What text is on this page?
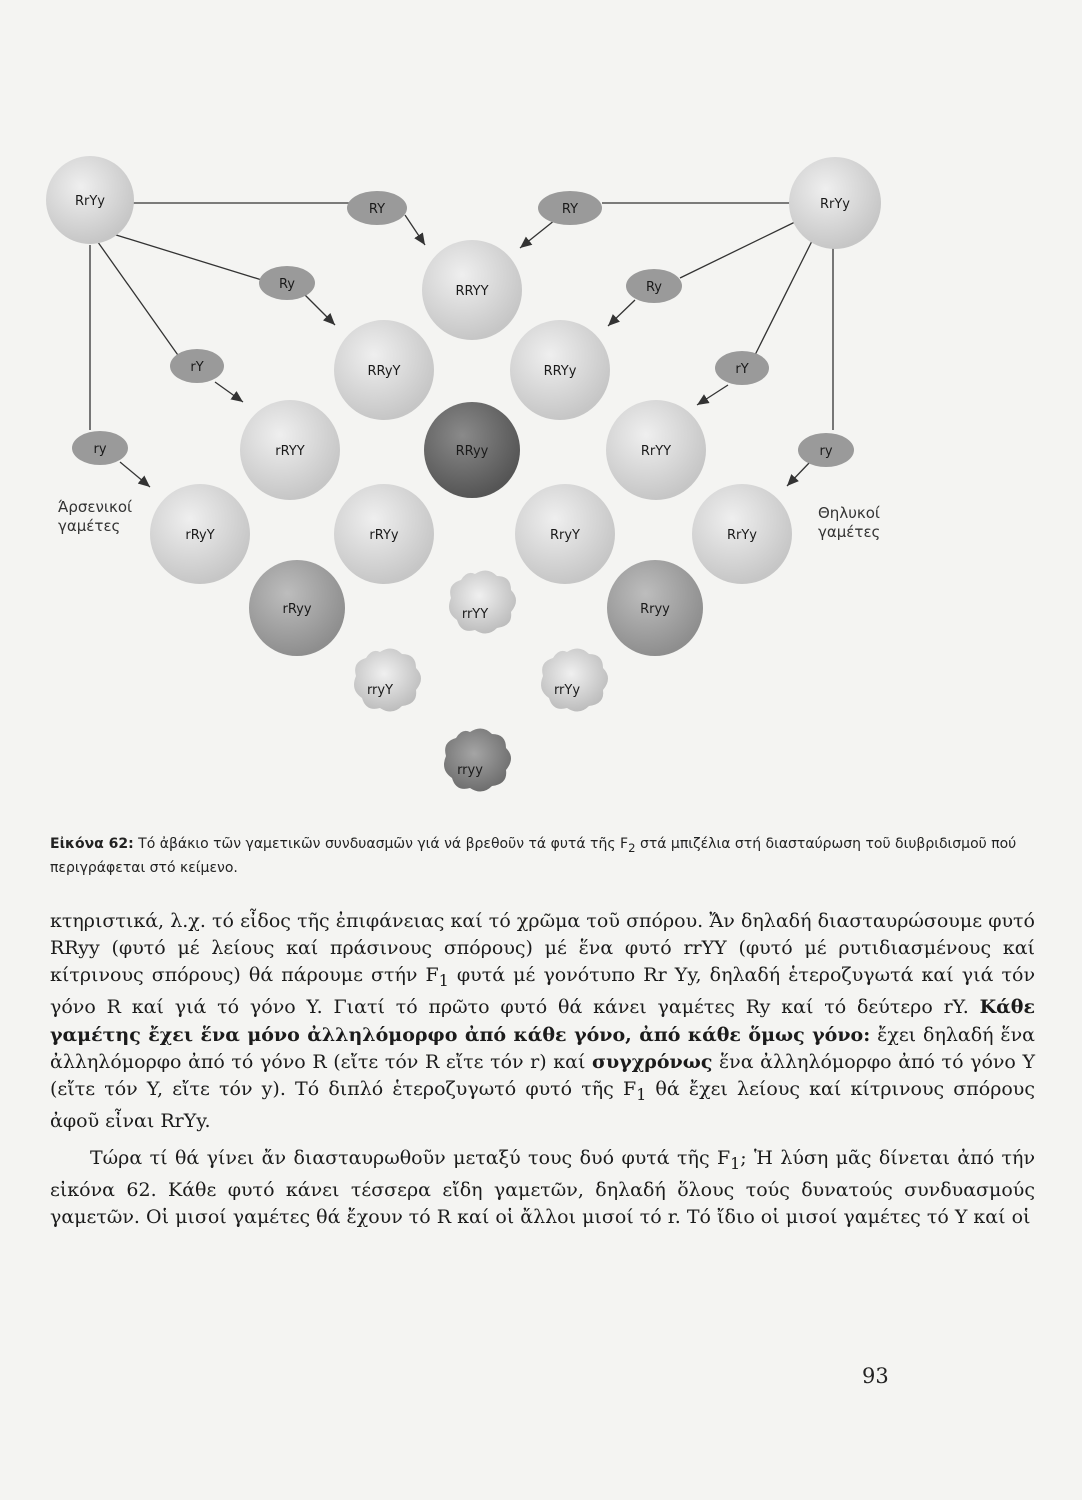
RrYy	RrYy
RY
Ry
rY
ry
RY
Ry
rY
ry
RRYY
RRyY	RRYy
rRYY	RRyy	RrYY
rRyY	rRYy	RryY	RrYy
rRyy	rrYY	Rryy
rryY	rrYy
rryy
Άρσενικοί
γαμέτες
Θηλυκοί
γαμέτες
Εἰκόνα 62: Τό ἀβάκιο τῶν γαμετικῶν συνδυασμῶν γιά νά βρεθοῦν τά φυτά τῆς $F_2$ στά μπιζέλια στή διασταύρωση τοῦ διυβριδισμοῦ πού περιγράφεται στό κείμενο.

κτηριστικά, λ.χ. τό εἶδος τῆς ἐπιφάνειας καί τό χρῶμα τοῦ σπόρου. Ἄν δηλαδή διασταυρώσουμε φυτό RRyy (φυτό μέ λείους καί πράσινους σπόρους) μέ ἕνα φυτό rrYY (φυτό μέ ρυτιδιασμένους καί κίτρινους σπόρους) θά πάρουμε στήν $F_1$ φυτά μέ γονότυπο Rr Yy, δηλαδή ἑτεροζυγωτά καί γιά τόν γόνο R καί γιά τό γόνο Y. Γιατί τό πρῶτο φυτό θά κάνει γαμέτες Ry καί τό δεύτερο rY. Κάθε γαμέτης ἔχει ἕνα μόνο ἀλληλόμορφο ἀπό κάθε γόνο, ἀπό κάθε ὅμως γόνο: ἔχει δηλαδή ἕνα ἀλληλόμορφο ἀπό τό γόνο R (εἴτε τόν R εἴτε τόν r) καί συγχρόνως ἕνα ἀλληλόμορφο ἀπό τό γόνο Y (εἴτε τόν Y, εἴτε τόν y). Τό διπλό ἑτεροζυγωτό φυτό τῆς $F_1$ θά ἔχει λείους καί κίτρινους σπόρους ἀφοῦ εἶναι RrYy.

Τώρα τί θά γίνει ἄν διασταυρωθοῦν μεταξύ τους δυό φυτά τῆς $F_1$; Ἡ λύση μᾶς δίνεται ἀπό τήν εἰκόνα 62. Κάθε φυτό κάνει τέσσερα εἴδη γαμετῶν, δηλαδή ὅλους τούς δυνατούς συνδυασμούς γαμετῶν. Οἱ μισοί γαμέτες θά ἔχουν τό R καί οἱ ἄλλοι μισοί τό r. Τό ἴδιο οἱ μισοί γαμέτες τό Y καί οἱ

93
